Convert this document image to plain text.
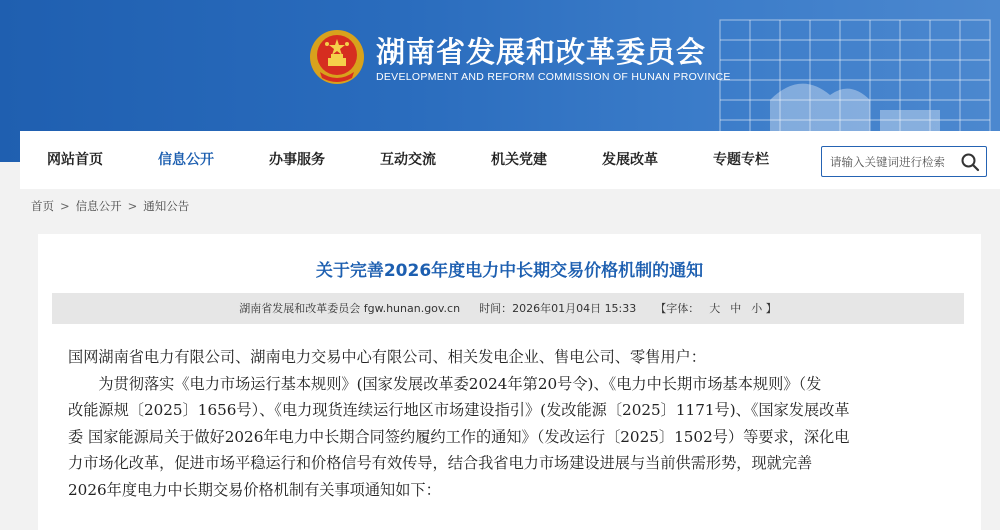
湖南省发展和改革委员会
DEVELOPMENT AND REFORM COMMISSION OF HUNAN PROVINCE
网站首页	信息公开	办事服务	互动交流	机关党建	发展改革	专题专栏
请输入关键词进行检索
首页 > 信息公开 > 通知公告
关于完善2026年度电力中长期交易价格机制的通知
湖南省发展和改革委员会 fgw.hunan.gov.cn 时间：2026年01月04日 15:33 【字体： 大 中 小 】
国网湖南省电力有限公司、湖南电力交易中心有限公司、相关发电企业、售电公司、零售用户：
　　为贯彻落实《电力市场运行基本规则》(国家发展改革委2024年第20号令)、《电力中长期市场基本规则》（发
改能源规〔2025〕1656号）、《电力现货连续运行地区市场建设指引》(发改能源〔2025〕1171号)、《国家发展改革
委 国家能源局关于做好2026年电力中长期合同签约履约工作的通知》（发改运行〔2025〕1502号）等要求，深化电
力市场化改革，促进市场平稳运行和价格信号有效传导，结合我省电力市场建设进展与当前供需形势，现就完善
2026年度电力中长期交易价格机制有关事项通知如下：
